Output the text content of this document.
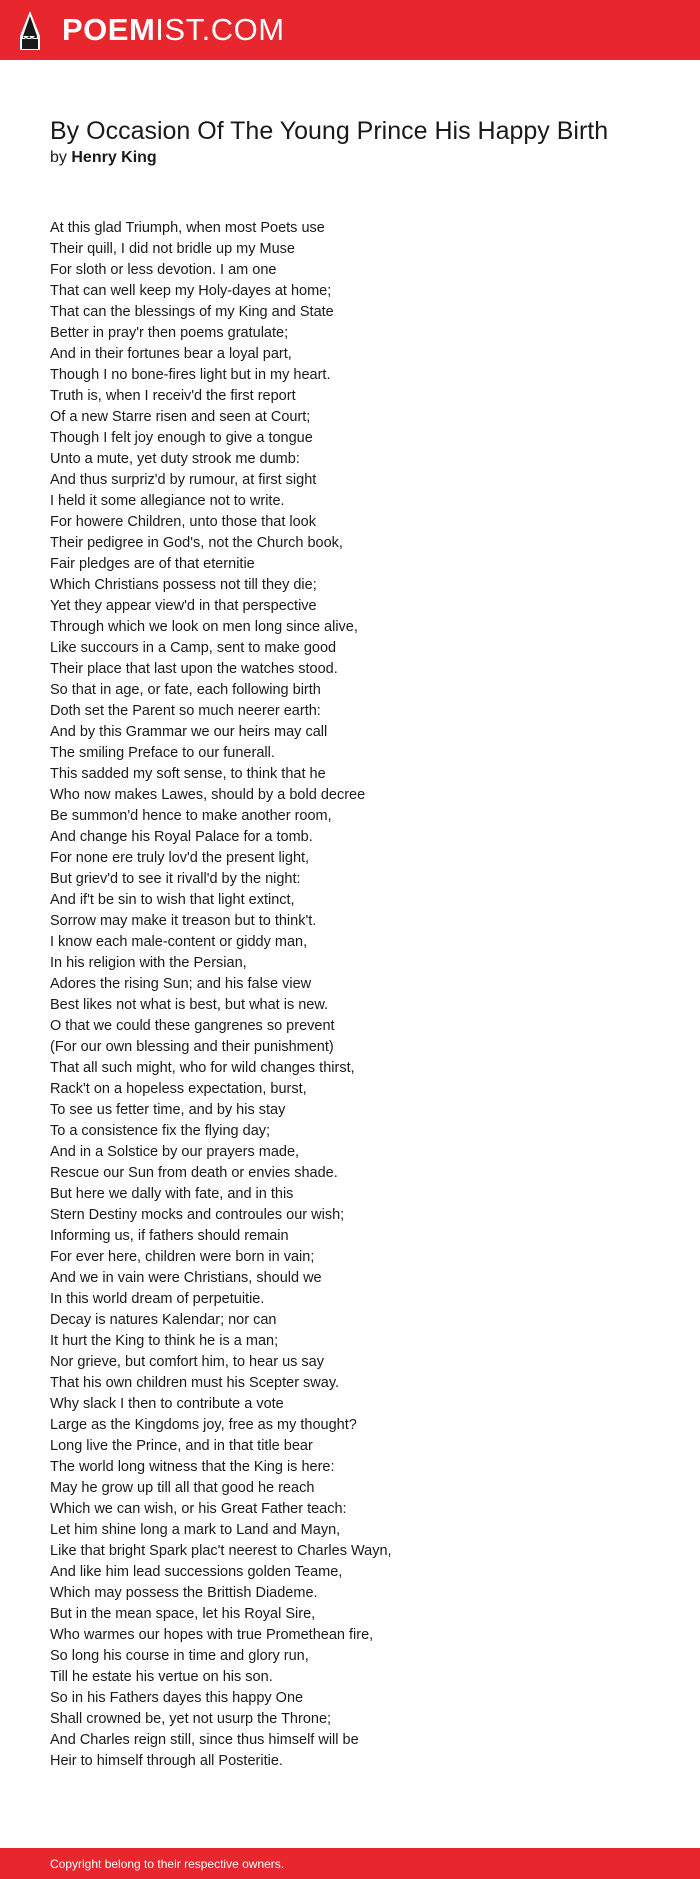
POEMIST.COM
By Occasion Of The Young Prince His Happy Birth
by Henry King
At this glad Triumph, when most Poets use
Their quill, I did not bridle up my Muse
For sloth or less devotion. I am one
That can well keep my Holy-dayes at home;
That can the blessings of my King and State
Better in pray'r then poems gratulate;
And in their fortunes bear a loyal part,
Though I no bone-fires light but in my heart.
Truth is, when I receiv'd the first report
Of a new Starre risen and seen at Court;
Though I felt joy enough to give a tongue
Unto a mute, yet duty strook me dumb:
And thus surpriz'd by rumour, at first sight
I held it some allegiance not to write.
For howere Children, unto those that look
Their pedigree in God's, not the Church book,
Fair pledges are of that eternitie
Which Christians possess not till they die;
Yet they appear view'd in that perspective
Through which we look on men long since alive,
Like succours in a Camp, sent to make good
Their place that last upon the watches stood.
So that in age, or fate, each following birth
Doth set the Parent so much neerer earth:
And by this Grammar we our heirs may call
The smiling Preface to our funerall.
This sadded my soft sense, to think that he
Who now makes Lawes, should by a bold decree
Be summon'd hence to make another room,
And change his Royal Palace for a tomb.
For none ere truly lov'd the present light,
But griev'd to see it rivall'd by the night:
And if't be sin to wish that light extinct,
Sorrow may make it treason but to think't.
I know each male-content or giddy man,
In his religion with the Persian,
Adores the rising Sun; and his false view
Best likes not what is best, but what is new.
O that we could these gangrenes so prevent
(For our own blessing and their punishment)
That all such might, who for wild changes thirst,
Rack't on a hopeless expectation, burst,
To see us fetter time, and by his stay
To a consistence fix the flying day;
And in a Solstice by our prayers made,
Rescue our Sun from death or envies shade.
But here we dally with fate, and in this
Stern Destiny mocks and controules our wish;
Informing us, if fathers should remain
For ever here, children were born in vain;
And we in vain were Christians, should we
In this world dream of perpetuitie.
Decay is natures Kalendar; nor can
It hurt the King to think he is a man;
Nor grieve, but comfort him, to hear us say
That his own children must his Scepter sway.
Why slack I then to contribute a vote
Large as the Kingdoms joy, free as my thought?
Long live the Prince, and in that title bear
The world long witness that the King is here:
May he grow up till all that good he reach
Which we can wish, or his Great Father teach:
Let him shine long a mark to Land and Mayn,
Like that bright Spark plac't neerest to Charles Wayn,
And like him lead successions golden Teame,
Which may possess the Brittish Diademe.
But in the mean space, let his Royal Sire,
Who warmes our hopes with true Promethean fire,
So long his course in time and glory run,
Till he estate his vertue on his son.
So in his Fathers dayes this happy One
Shall crowned be, yet not usurp the Throne;
And Charles reign still, since thus himself will be
Heir to himself through all Posteritie.
Copyright belong to their respective owners.
